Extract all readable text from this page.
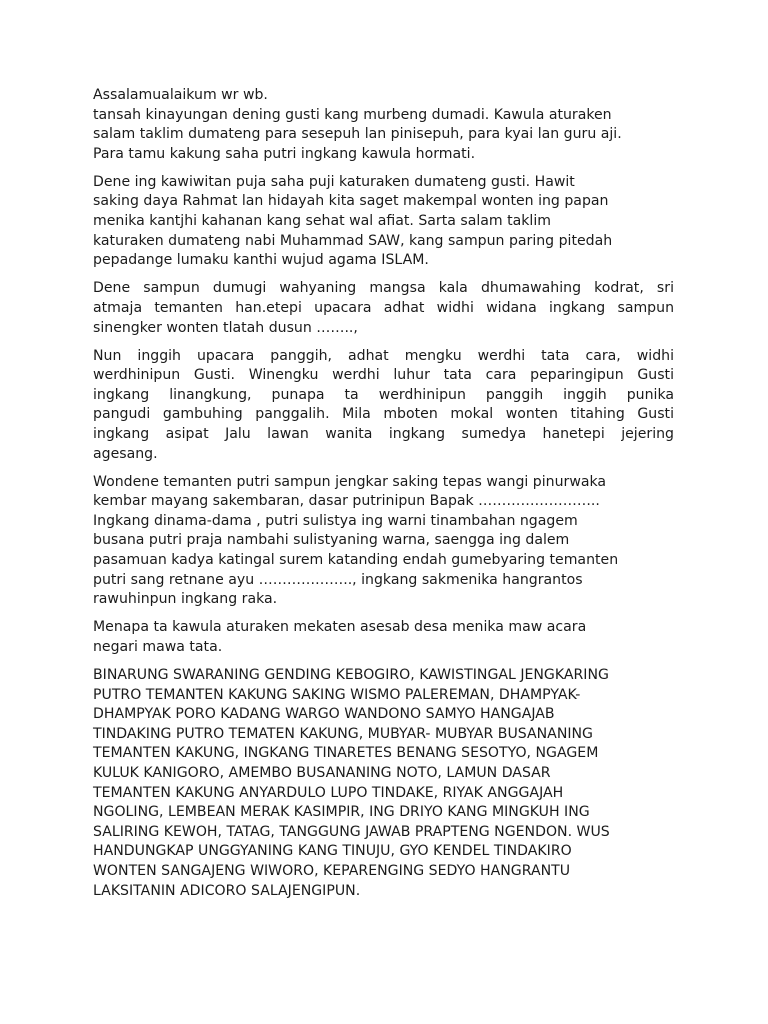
Assalamualaikum wr wb.
tansah kinayungan dening gusti kang murbeng dumadi. Kawula aturaken
salam taklim dumateng para sesepuh lan pinisepuh, para kyai lan guru aji.
Para tamu kakung saha putri ingkang kawula hormati.
Dene ing kawiwitan puja saha puji katuraken dumateng gusti. Hawit
saking daya Rahmat lan hidayah kita saget makempal wonten ing papan
menika kantjhi kahanan kang sehat wal afiat. Sarta salam taklim
katuraken dumateng nabi Muhammad SAW, kang sampun paring pitedah
pepadange lumaku kanthi wujud agama ISLAM.
Dene sampun dumugi wahyaning mangsa kala dhumawahing kodrat, sri
atmaja temanten han.etepi upacara adhat widhi widana ingkang sampun
sinengker wonten tlatah dusun ……..,
Nun inggih upacara panggih, adhat mengku werdhi tata cara, widhi
werdhinipun Gusti. Winengku werdhi luhur tata cara peparingipun Gusti
ingkang linangkung, punapa ta werdhinipun panggih inggih punika
pangudi gambuhing panggalih. Mila mboten mokal wonten titahing Gusti
ingkang asipat Jalu lawan wanita ingkang sumedya hanetepi jejering
agesang.
Wondene temanten putri sampun jengkar saking tepas wangi pinurwaka
kembar mayang sakembaran, dasar putrinipun Bapak ……………………..
Ingkang dinama-dama , putri sulistya ing warni tinambahan ngagem
busana putri praja nambahi sulistyaning warna, saengga ing dalem
pasamuan kadya katingal surem katanding endah gumebyaring temanten
putri sang retnane ayu ……………….., ingkang sakmenika hangrantos
rawuhinpun ingkang raka.
Menapa ta kawula aturaken mekaten asesab desa menika maw acara
negari mawa tata.
BINARUNG SWARANING GENDING KEBOGIRO, KAWISTINGAL JENGKARING
PUTRO TEMANTEN KAKUNG SAKING WISMO PALEREMAN, DHAMPYAK-
DHAMPYAK PORO KADANG WARGO WANDONO SAMYO HANGAJAB
TINDAKING PUTRO TEMATEN KAKUNG, MUBYAR- MUBYAR BUSANANING
TEMANTEN KAKUNG, INGKANG TINARETES BENANG SESOTYO, NGAGEM
KULUK KANIGORO, AMEMBO BUSANANING NOTO, LAMUN DASAR
TEMANTEN KAKUNG ANYARDULO LUPO TINDAKE, RIYAK ANGGAJAH
NGOLING, LEMBEAN MERAK KASIMPIR, ING DRIYO KANG MINGKUH ING
SALIRING KEWOH, TATAG, TANGGUNG JAWAB PRAPTENG NGENDON. WUS
HANDUNGKAP UNGGYANING KANG TINUJU, GYO KENDEL TINDAKIRO
WONTEN SANGAJENG WIWORO, KEPARENGING SEDYO HANGRANTU
LAKSITANIN ADICORO SALAJENGIPUN.
